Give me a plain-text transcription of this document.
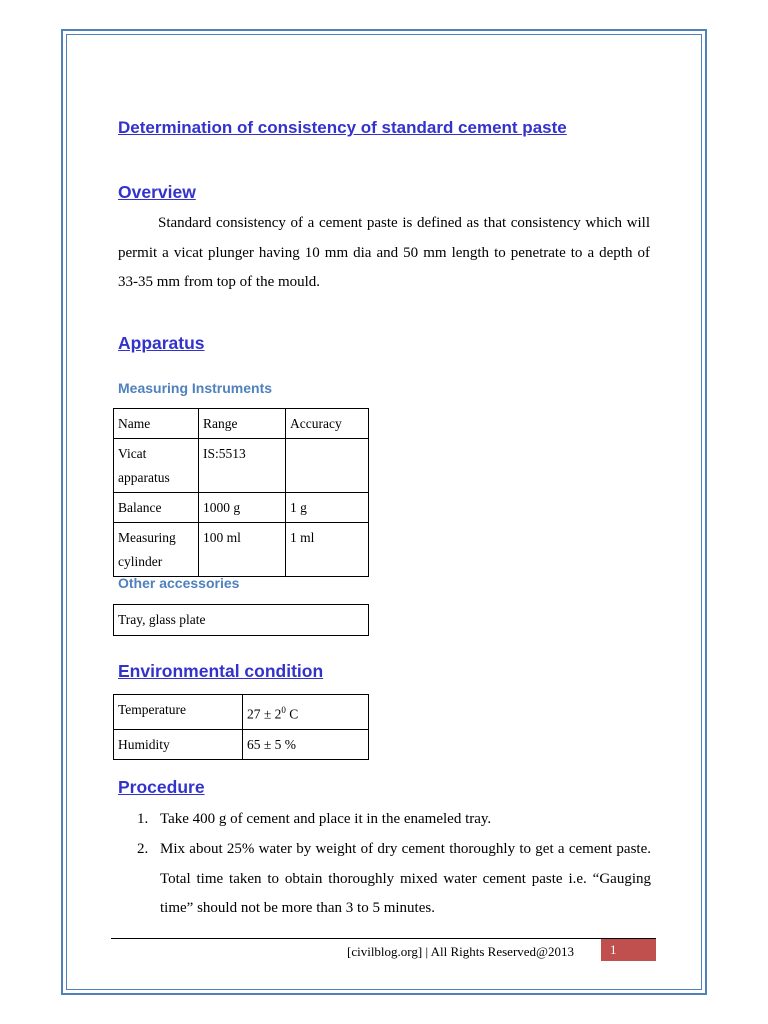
Determination of consistency of standard cement paste
Overview

Standard consistency of a cement paste is defined as that consistency which will permit a vicat plunger having 10 mm dia and 50 mm length to penetrate to a depth of 33-35 mm from top of the mould.

Apparatus
Measuring Instruments
Name	Range	Accuracy
Vicat apparatus	IS:5513	
Balance	1000 g	1 g
Measuring cylinder	100 ml	1 ml
Other accessories
Tray, glass plate
Environmental condition
Temperature	$27 \pm 2^0$ C
Humidity	65 ± 5 %
Procedure
1. Take 400 g of cement and place it in the enameled tray.
2. Mix about 25% water by weight of dry cement thoroughly to get a cement paste. Total time taken to obtain thoroughly mixed water cement paste i.e. “Gauging time” should not be more than 3 to 5 minutes.
[civilblog.org] | All Rights Reserved@2013	1
